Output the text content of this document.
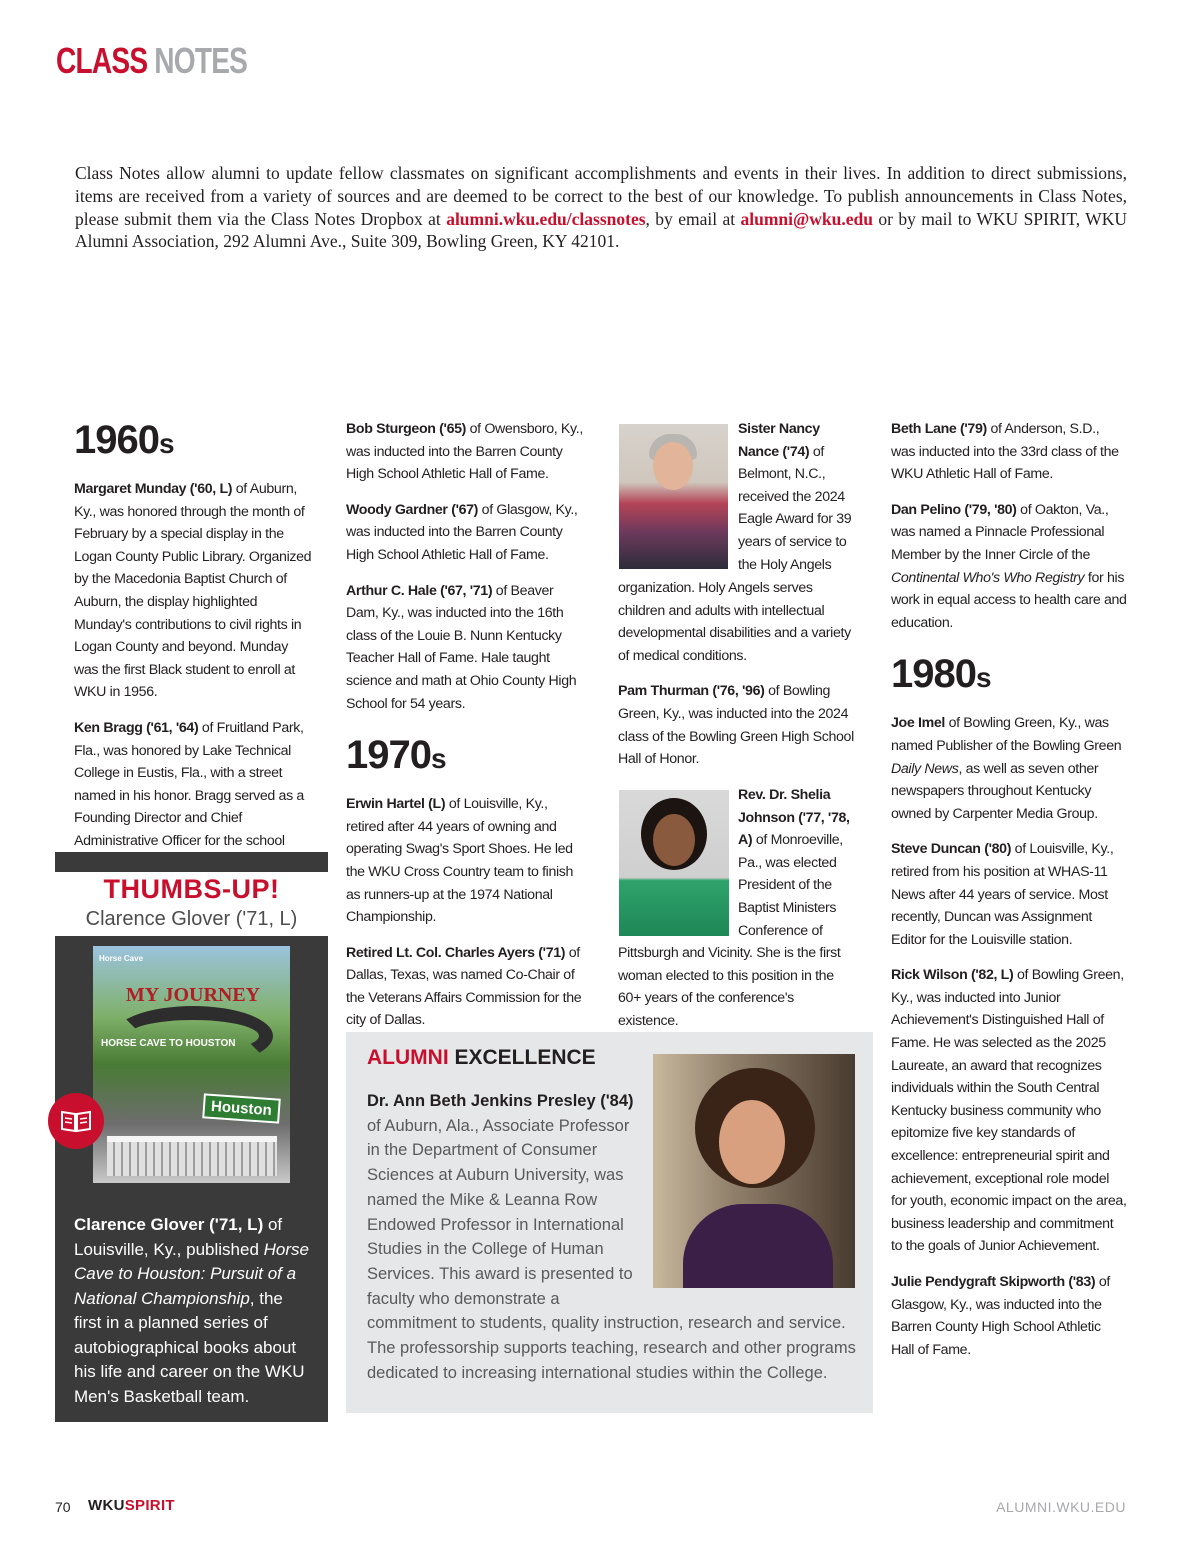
CLASS NOTES

Class Notes allow alumni to update fellow classmates on significant accomplishments and events in their lives. In addition to direct submissions, items are received from a variety of sources and are deemed to be correct to the best of our knowledge. To publish announcements in Class Notes, please submit them via the Class Notes Dropbox at alumni.wku.edu/classnotes, by email at alumni@wku.edu or by mail to WKU SPIRIT, WKU Alumni Association, 292 Alumni Ave., Suite 309, Bowling Green, KY 42101.

1960s

Margaret Munday ('60, L) of Auburn, Ky., was honored through the month of February by a special display in the Logan County Public Library. Organized by the Macedonia Baptist Church of Auburn, the display highlighted Munday's contributions to civil rights in Logan County and beyond. Munday was the first Black student to enroll at WKU in 1956.

Ken Bragg ('61, '64) of Fruitland Park, Fla., was honored by Lake Technical College in Eustis, Fla., with a street named in his honor. Bragg served as a Founding Director and Chief Administrative Officer for the school

THUMBS-UP!
Clarence Glover ('71, L)
Horse Cave
MY JOURNEY
HORSE CAVE TO HOUSTON
Houston

Clarence Glover ('71, L) of Louisville, Ky., published Horse Cave to Houston: Pursuit of a National Championship, the first in a planned series of autobiographical books about his life and career on the WKU Men's Basketball team.

Bob Sturgeon ('65) of Owensboro, Ky., was inducted into the Barren County High School Athletic Hall of Fame.

Woody Gardner ('67) of Glasgow, Ky., was inducted into the Barren County High School Athletic Hall of Fame.

Arthur C. Hale ('67, '71) of Beaver Dam, Ky., was inducted into the 16th class of the Louie B. Nunn Kentucky Teacher Hall of Fame. Hale taught science and math at Ohio County High School for 54 years.

1970s

Erwin Hartel (L) of Louisville, Ky., retired after 44 years of owning and operating Swag's Sport Shoes. He led the WKU Cross Country team to finish as runners-up at the 1974 National Championship.

Retired Lt. Col. Charles Ayers ('71) of Dallas, Texas, was named Co-Chair of the Veterans Affairs Commission for the city of Dallas.

Sister Nancy Nance ('74) of Belmont, N.C., received the 2024 Eagle Award for 39 years of service to the Holy Angels

organization. Holy Angels serves children and adults with intellectual developmental disabilities and a variety of medical conditions.

Pam Thurman ('76, '96) of Bowling Green, Ky., was inducted into the 2024 class of the Bowling Green High School Hall of Honor.

Rev. Dr. Shelia Johnson ('77, '78, A) of Monroeville, Pa., was elected President of the Baptist Ministers Conference of

Pittsburgh and Vicinity. She is the first woman elected to this position in the 60+ years of the conference's existence.

ALUMNI EXCELLENCE
Dr. Ann Beth Jenkins Presley ('84)
of Auburn, Ala., Associate Professor in the Department of Consumer Sciences at Auburn University, was named the Mike & Leanna Row Endowed Professor in International Studies in the College of Human Services. This award is presented to faculty who demonstrate a commitment to students, quality instruction, research and service. The professorship supports teaching, research and other programs dedicated to increasing international studies within the College.

Beth Lane ('79) of Anderson, S.D., was inducted into the 33rd class of the WKU Athletic Hall of Fame.

Dan Pelino ('79, '80) of Oakton, Va., was named a Pinnacle Professional Member by the Inner Circle of the Continental Who's Who Registry for his work in equal access to health care and education.

1980s

Joe Imel of Bowling Green, Ky., was named Publisher of the Bowling Green Daily News, as well as seven other newspapers throughout Kentucky owned by Carpenter Media Group.

Steve Duncan ('80) of Louisville, Ky., retired from his position at WHAS-11 News after 44 years of service. Most recently, Duncan was Assignment Editor for the Louisville station.

Rick Wilson ('82, L) of Bowling Green, Ky., was inducted into Junior Achievement's Distinguished Hall of Fame. He was selected as the 2025 Laureate, an award that recognizes individuals within the South Central Kentucky business community who epitomize five key standards of excellence: entrepreneurial spirit and achievement, exceptional role model for youth, economic impact on the area, business leadership and commitment to the goals of Junior Achievement.

Julie Pendygraft Skipworth ('83) of Glasgow, Ky., was inducted into the Barren County High School Athletic Hall of Fame.

70 WKUSPIRIT	ALUMNI.WKU.EDU
